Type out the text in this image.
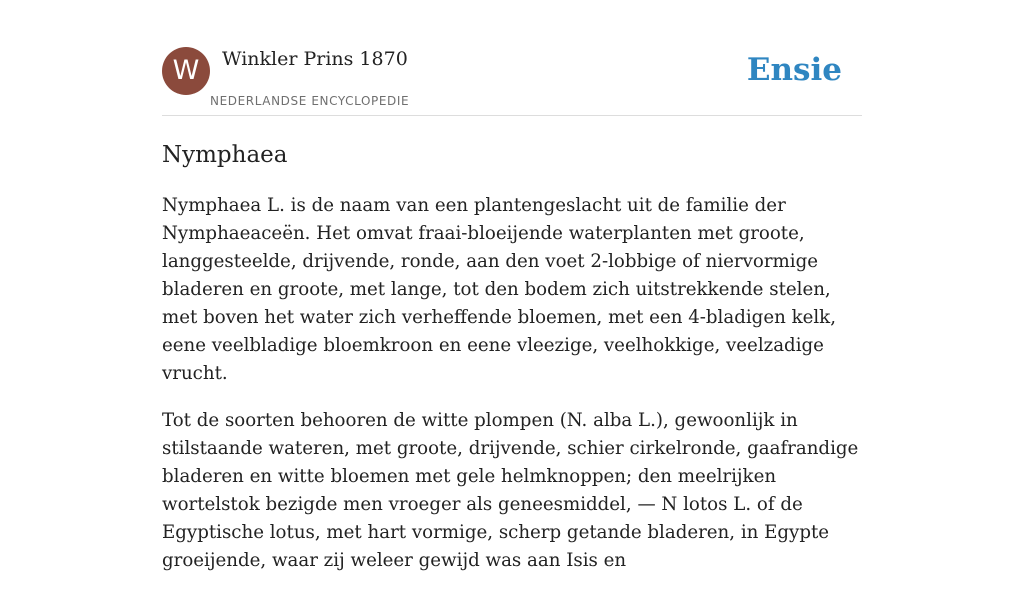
W	Winkler Prins 1870
NEDERLANDSE ENCYCLOPEDIE
Ensie
Nymphaea

Nymphaea L. is de naam van een plantengeslacht uit de familie der Nymphaeaceën. Het omvat fraai-bloeijende waterplanten met groote, langgesteelde, drijvende, ronde, aan den voet 2-lobbige of niervormige bladeren en groote, met lange, tot den bodem zich uitstrekkende stelen, met boven het water zich verheffende bloemen, met een 4-bladigen kelk, eene veelbladige bloemkroon en eene vleezige, veelhokkige, veelzadige vrucht.

Tot de soorten behooren de witte plompen (N. alba L.), gewoonlijk in stilstaande wateren, met groote, drijvende, schier cirkelronde, gaafrandige bladeren en witte bloemen met gele helmknoppen; den meelrijken wortelstok bezigde men vroeger als geneesmiddel, — N lotos L. of de Egyptische lotus, met hart vormige, scherp getande bladeren, in Egypte groeijende, waar zij weleer gewijd was aan Isis en
